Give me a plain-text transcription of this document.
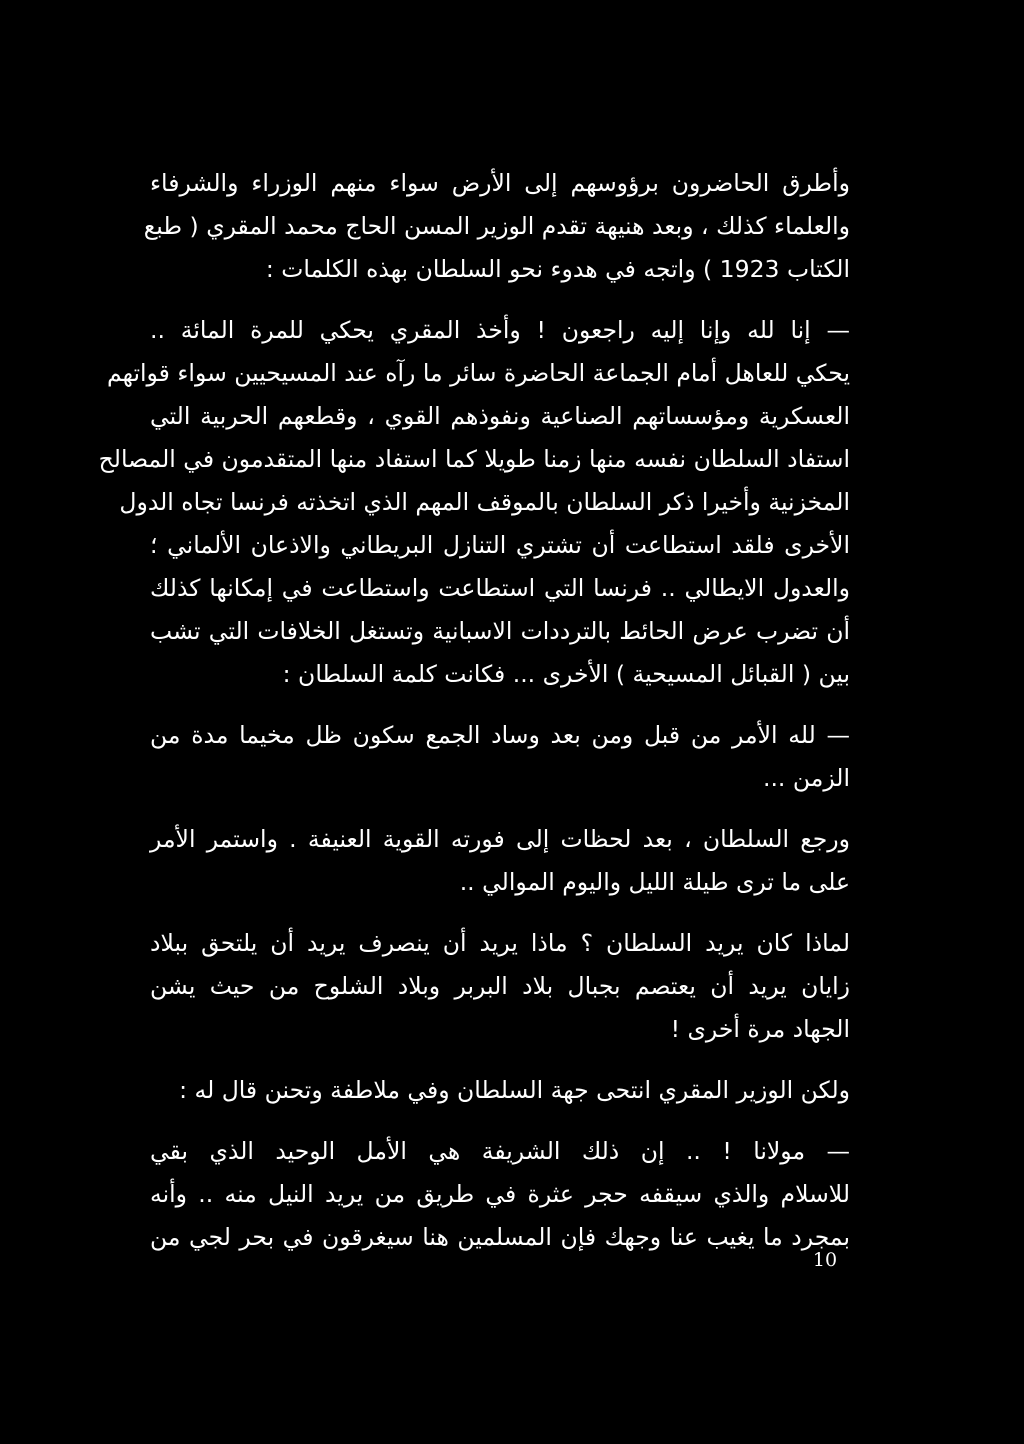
وأطرق الحاضرون برؤوسهم إلى الأرض سواء منهم الوزراء والشرفاء
والعلماء كذلك ، وبعد هنيهة تقدم الوزير المسن الحاج محمد المقري ( طبع
الكتاب 1923 ) واتجه في هدوء نحو السلطان بهذه الكلمات :
— إنا لله وإنا إليه راجعون ! وأخذ المقري يحكي للمرة المائة ..
يحكي للعاهل أمام الجماعة الحاضرة سائر ما رآه عند المسيحيين سواء قواتهم
العسكرية ومؤسساتهم الصناعية ونفوذهم القوي ، وقطعهم الحربية التي
استفاد السلطان نفسه منها زمنا طويلا كما استفاد منها المتقدمون في المصالح
المخزنية وأخيرا ذكر السلطان بالموقف المهم الذي اتخذته فرنسا تجاه الدول
الأخرى فلقد استطاعت أن تشتري التنازل البريطاني والاذعان الألماني ؛
والعدول الايطالي .. فرنسا التي استطاعت واستطاعت في إمكانها كذلك
أن تضرب عرض الحائط بالترددات الاسبانية وتستغل الخلافات التي تشب
بين ( القبائل المسيحية ) الأخرى ... فكانت كلمة السلطان :
— لله الأمر من قبل ومن بعد وساد الجمع سكون ظل مخيما مدة من
الزمن ...
ورجع السلطان ، بعد لحظات إلى فورته القوية العنيفة . واستمر الأمر
على ما ترى طيلة الليل واليوم الموالي ..
لماذا كان يريد السلطان ؟ ماذا يريد أن ينصرف يريد أن يلتحق ببلاد
زايان يريد أن يعتصم بجبال بلاد البربر وبلاد الشلوح من حيث يشن
الجهاد مرة أخرى !
ولكن الوزير المقري انتحى جهة السلطان وفي ملاطفة وتحنن قال له :
— مولانا ! .. إن ذلك الشريفة هي الأمل الوحيد الذي بقي
للاسلام والذي سيقفه حجر عثرة في طريق من يريد النيل منه .. وأنه
بمجرد ما يغيب عنا وجهك فإن المسلمين هنا سيغرقون في بحر لجي من
10
